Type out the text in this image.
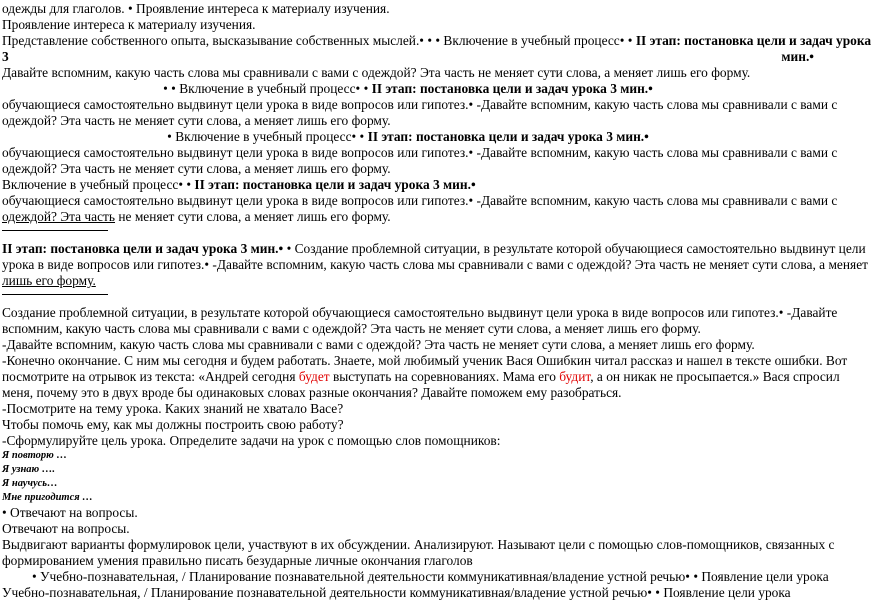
одежды для глаголов. • Проявление интереса к материалу изучения.
Проявление интереса к материалу изучения.
Представление собственного опыта, высказывание собственных мыслей.• • • Включение в учебный процесс• • II этап: постановка цели и задач урока
3	мин.•
Давайте вспомним, какую часть слова мы сравнивали с вами с одеждой? Эта часть не меняет сути слова, а меняет лишь его форму.
• • Включение в учебный процесс• • II этап: постановка цели и задач урока 3 мин.•
обучающиеся самостоятельно выдвинут цели урока в виде вопросов или гипотез.• -Давайте вспомним, какую часть слова мы сравнивали с вами с
одеждой? Эта часть не меняет сути слова, а меняет лишь его форму.
• Включение в учебный процесс• • II этап: постановка цели и задач урока 3 мин.•
обучающиеся самостоятельно выдвинут цели урока в виде вопросов или гипотез.• -Давайте вспомним, какую часть слова мы сравнивали с вами с
одеждой? Эта часть не меняет сути слова, а меняет лишь его форму.
Включение в учебный процесс• • II этап: постановка цели и задач урока 3 мин.•
обучающиеся самостоятельно выдвинут цели урока в виде вопросов или гипотез.• -Давайте вспомним, какую часть слова мы сравнивали с вами с
одеждой? Эта часть не меняет сути слова, а меняет лишь его форму.
II этап: постановка цели и задач урока 3 мин.• • Создание проблемной ситуации, в результате которой обучающиеся самостоятельно выдвинут цели
урока в виде вопросов или гипотез.• -Давайте вспомним, какую часть слова мы сравнивали с вами с одеждой? Эта часть не меняет сути слова, а меняет
лишь его форму.
Создание проблемной ситуации, в результате которой обучающиеся самостоятельно выдвинут цели урока в виде вопросов или гипотез.• -Давайте
вспомним, какую часть слова мы сравнивали с вами с одеждой? Эта часть не меняет сути слова, а меняет лишь его форму.
-Давайте вспомним, какую часть слова мы сравнивали с вами с одеждой? Эта часть не меняет сути слова, а меняет лишь его форму.
-Конечно окончание. С ним мы сегодня и будем работать. Знаете, мой любимый ученик Вася Ошибкин читал рассказ и нашел в тексте ошибки. Вот
посмотрите на отрывок из текста: «Андрей сегодня будет выступать на соревнованиях. Мама его будит, а он никак не просыпается.» Вася спросил
меня, почему это в двух вроде бы одинаковых словах разные окончания? Давайте поможем ему разобраться.
-Посмотрите на тему урока. Каких знаний не хватало Васе?
Чтобы помочь ему, как мы должны построить свою работу?
-Сформулируйте цель урока. Определите задачи на урок с помощью слов помощников:
Я повторю …
Я узнаю ….
Я научусь…
Мне пригодится …
• Отвечают на вопросы.
Отвечают на вопросы.
Выдвигают варианты формулировок цели, участвуют в их обсуждении. Анализируют. Называют цели с помощью слов-помощников, связанных с
формированием умения правильно писать безударные личные окончания глаголов
• Учебно-познавательная, / Планирование познавательной деятельности коммуникативная/владение устной речью• • Появление цели урока
Учебно-познавательная, / Планирование познавательной деятельности коммуникативная/владение устной речью• • Появление цели урока
